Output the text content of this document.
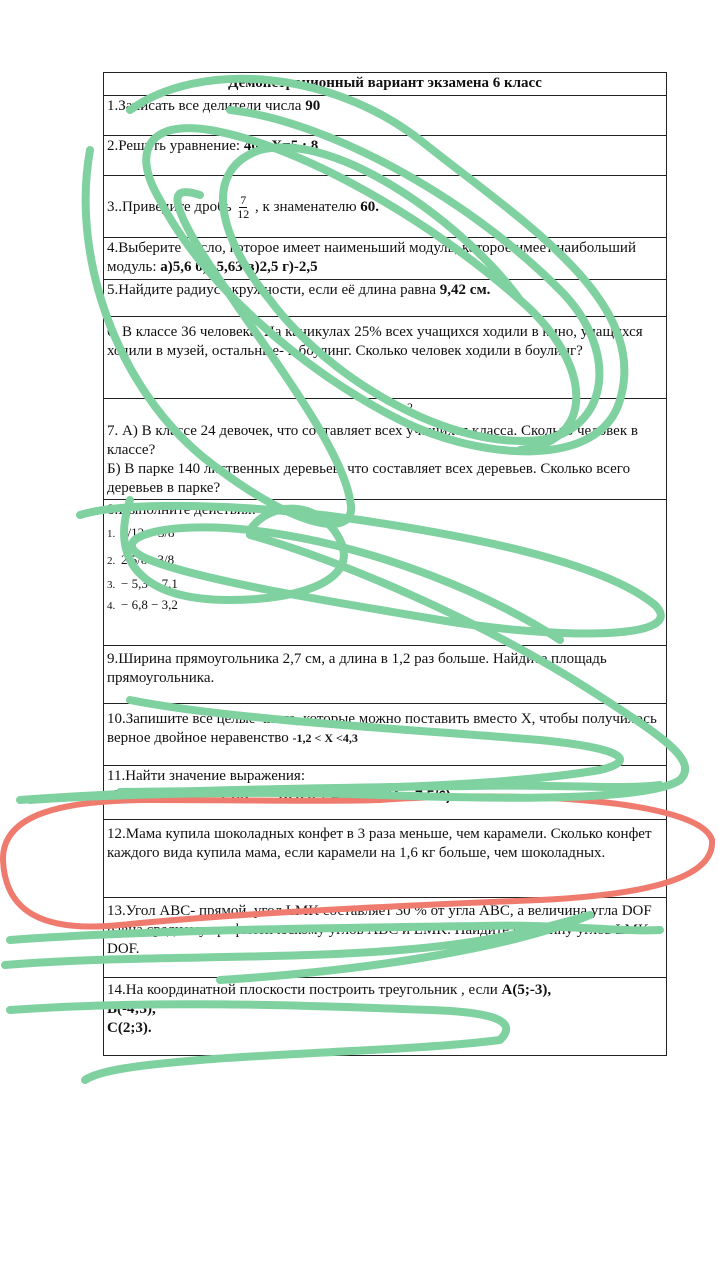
Демонстрационный вариант экзамена 6 класс
1.Записать все делители числа 90
2.Решить уравнение: 40 : X=5 : 8
3..Приведите дробь $\frac{7}{12}$ , к знаменателю 60.
4.Выберите число, которое имеет наименьший модуль, которое имеет наибольший модуль: а)5,6 б) -5,63 в)2,5 г)-2,5
5.Найдите радиус окружности, если её длина равна 9,42 см.
6. В классе 36 человека. На каникулах 25% всех учащихся ходили в кино, учащихся ходили в музей, остальные- в боулинг. Сколько человек ходили в боулинг?

2
7. А) В классе 24 девочек, что составляет всех учащихся класса. Сколько человек в классе?
Б) В парке 140 лиственных деревьев, что составляет всех деревьев. Сколько всего деревьев в парке?

8.Выполните действия:
1. 5/12 + 3/8
2. 2 5/8 : 3/8
3. − 5,3 + 7,1
4. − 6,8 − 3,2

9.Ширина прямоугольника 2,7 см, а длина в 1,2 раз больше. Найдите площадь прямоугольника.
10.Запишите все целые числа, которые можно поставить вместо Х, чтобы получилось верное двойное неравенство -1,2 < X <4,3

11.Найти значение выражения:
а) 13 2/7 − 11,2 : 9 1/3 ; б) 3,6 + 4,8 · (8 3/4 − 7 5/6)

12.Мама купила шоколадных конфет в 3 раза меньше, чем карамели. Сколько конфет каждого вида купила мама, если карамели на 1,6 кг больше, чем шоколадных.
13.Угол ABC- прямой, угол LMK составляет 30 % от угла ABC, а величина угла DOF равна среднему арифметическому углов ABC и LMK. Найдите величину углов LMK и DOF.
14.На координатной плоскости построить треугольник , если A(5;-3),
B(-4;3),
C(2;3).
